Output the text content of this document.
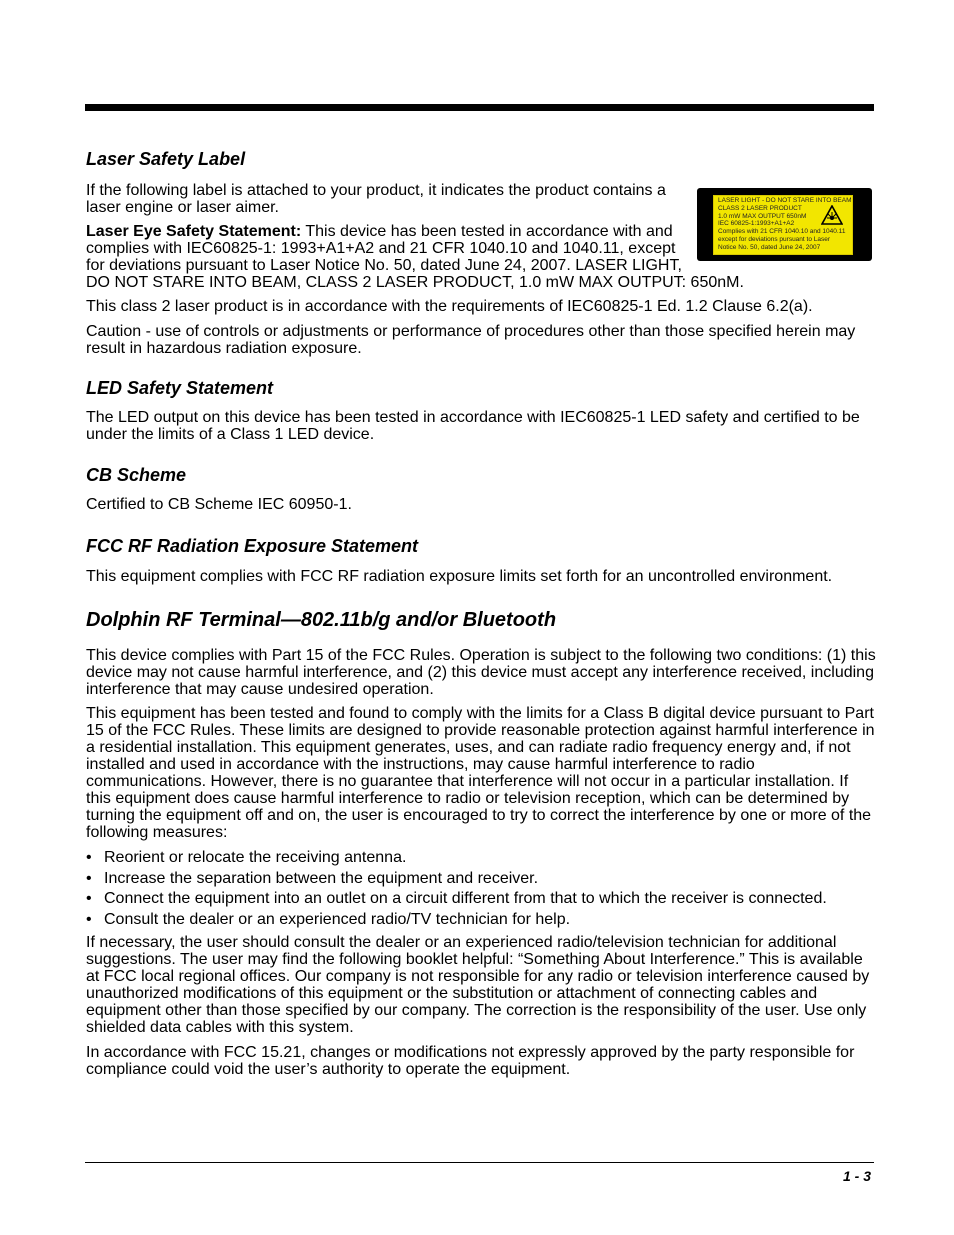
LASER LIGHT - DO NOT STARE INTO BEAM
CLASS 2 LASER PRODUCT
1.0 mW MAX OUTPUT 650nM
IEC 60825-1:1993+A1+A2
Complies with 21 CFR 1040.10 and 1040.11
except for deviations pursuant to Laser
Notice No. 50, dated June 24, 2007
Laser Safety Label

If the following label is attached to your product, it indicates the product contains a laser engine or laser aimer.

Laser Eye Safety Statement: This device has been tested in accordance with and complies with IEC60825-1: 1993+A1+A2 and 21 CFR 1040.10 and 1040.11, except for deviations pursuant to Laser Notice No. 50, dated June 24, 2007. LASER LIGHT, DO NOT STARE INTO BEAM, CLASS 2 LASER PRODUCT, 1.0 mW MAX OUTPUT: 650nM.

This class 2 laser product is in accordance with the requirements of IEC60825-1 Ed. 1.2 Clause 6.2(a).

Caution - use of controls or adjustments or performance of procedures other than those specified herein may result in hazardous radiation exposure.

LED Safety Statement

The LED output on this device has been tested in accordance with IEC60825-1 LED safety and certified to be under the limits of a Class 1 LED device.

CB Scheme

Certified to CB Scheme IEC 60950-1.

FCC RF Radiation Exposure Statement

This equipment complies with FCC RF radiation exposure limits set forth for an uncontrolled environment.

Dolphin RF Terminal—802.11b/g and/or Bluetooth

This device complies with Part 15 of the FCC Rules. Operation is subject to the following two conditions: (1) this device may not cause harmful interference, and (2) this device must accept any interference received, including interference that may cause undesired operation.

This equipment has been tested and found to comply with the limits for a Class B digital device pursuant to Part 15 of the FCC Rules. These limits are designed to provide reasonable protection against harmful interference in a residential installation. This equipment generates, uses, and can radiate radio frequency energy and, if not installed and used in accordance with the instructions, may cause harmful interference to radio communications. However, there is no guarantee that interference will not occur in a particular installation. If this equipment does cause harmful interference to radio or television reception, which can be determined by turning the equipment off and on, the user is encouraged to try to correct the interference by one or more of the following measures:

• Reorient or relocate the receiving antenna.
• Increase the separation between the equipment and receiver.
• Connect the equipment into an outlet on a circuit different from that to which the receiver is connected.
• Consult the dealer or an experienced radio/TV technician for help.

If necessary, the user should consult the dealer or an experienced radio/television technician for additional suggestions. The user may find the following booklet helpful: “Something About Interference.” This is available at FCC local regional offices. Our company is not responsible for any radio or television interference caused by unauthorized modifications of this equipment or the substitution or attachment of connecting cables and equipment other than those specified by our company. The correction is the responsibility of the user. Use only shielded data cables with this system.

In accordance with FCC 15.21, changes or modifications not expressly approved by the party responsible for compliance could void the user’s authority to operate the equipment.

1 - 3
